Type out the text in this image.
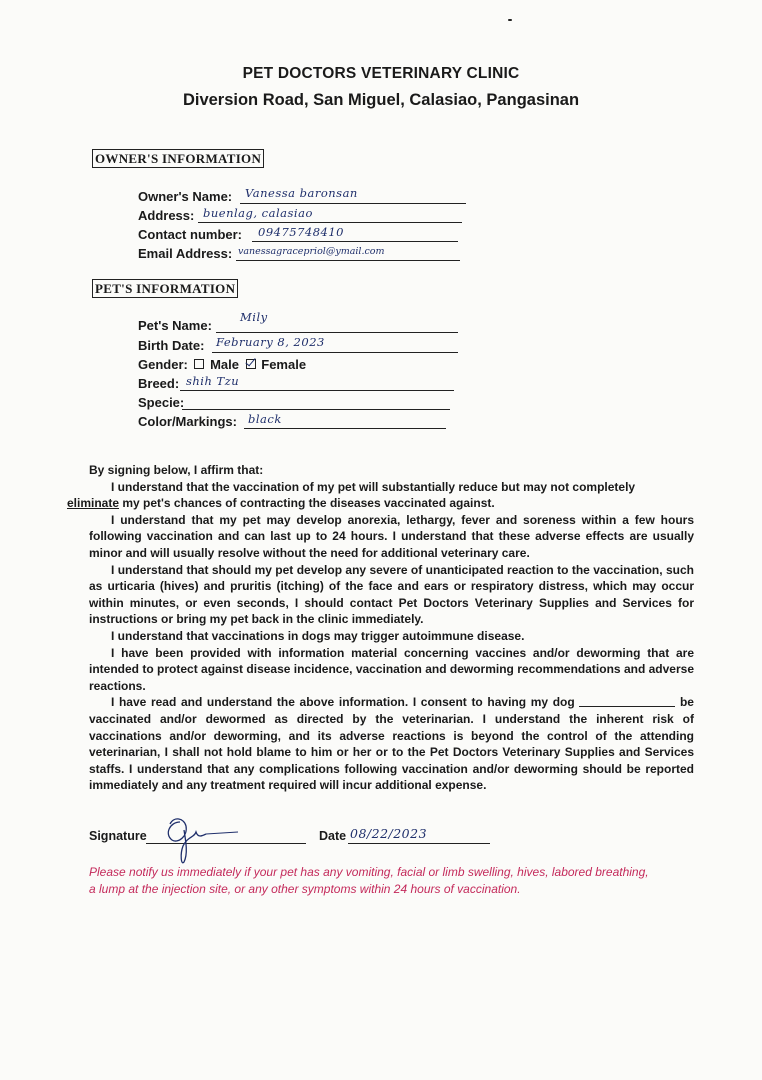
PET DOCTORS VETERINARY CLINIC
Diversion Road, San Miguel, Calasiao, Pangasinan
OWNER'S INFORMATION
Owner's Name: Vanessa baronsan
Address: buenlag, calasiao
Contact number: 09475748410
Email Address: vanessagracepriol@ymail.com
PET'S INFORMATION
Pet's Name:
Mily
Birth Date: February 8, 2023
Gender: Male Female
Breed: shih Tzu
Specie:
Color/Markings: black

By signing below, I affirm that:

I understand that the vaccination of my pet will substantially reduce but may not completely
eliminate my pet's chances of contracting the diseases vaccinated against.

I understand that my pet may develop anorexia, lethargy, fever and soreness within a few hours following vaccination and can last up to 24 hours. I understand that these adverse effects are usually minor and will usually resolve without the need for additional veterinary care.

I understand that should my pet develop any severe of unanticipated reaction to the vaccination, such as urticaria (hives) and pruritis (itching) of the face and ears or respiratory distress, which may occur within minutes, or even seconds, I should contact Pet Doctors Veterinary Supplies and Services for instructions or bring my pet back in the clinic immediately.

I understand that vaccinations in dogs may trigger autoimmune disease.

I have been provided with information material concerning vaccines and/or deworming that are intended to protect against disease incidence, vaccination and deworming recommendations and adverse reactions.

I have read and understand the above information. I consent to having my dog	be vaccinated and/or dewormed as directed by the veterinarian. I understand the inherent risk of vaccinations and/or deworming, and its adverse reactions is beyond the control of the attending veterinarian, I shall not hold blame to him or her or to the Pet Doctors Veterinary Supplies and Services staffs. I understand that any complications following vaccination and/or deworming should be reported immediately and any treatment required will incur additional expense.

Signature	Date 08/22/2023
Please notify us immediately if your pet has any vomiting, facial or limb swelling, hives, labored breathing, a lump at the injection site, or any other symptoms within 24 hours of vaccination.
